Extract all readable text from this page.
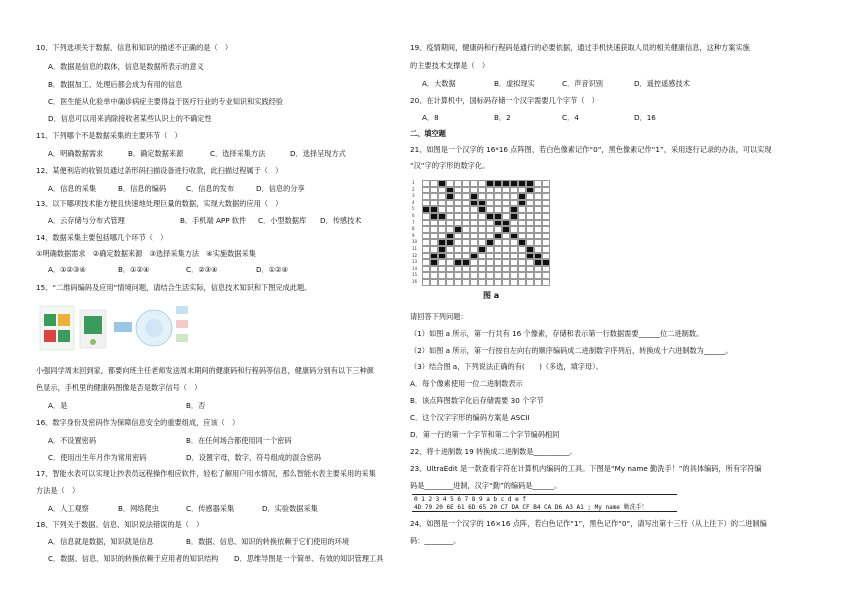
10、下列选项关于数据、信息和知识的描述不正确的是（　）
A．数据是信息的载体，信息是数据所表示的意义
B．数据加工、处理后都会成为有用的信息
C．医生能从化验单中确诊病症主要得益于医疗行业的专业知识和实践经验
D．信息可以用来消除接收者某些认识上的不确定性
11、下列哪个不是数据采集的主要环节（　）
A．明确数据需求	B．确定数据来源	C．选择采集方法	D．选择呈现方式
12、某便利店的收银员通过条形码扫描设备进行收款，此扫描过程属于（　）
A．信息的采集	B．信息的编码	C．信息的发布	D．信息的分享
13、以下哪项技术能方便且快速地处理巨量的数据，实现大数据的应用（　）
A．云存储与分布式管理	B．手机端 APP 软件 C．小型数据库 D．传感技术
14、数据采集主要包括哪几个环节（　）
①明确数据需求　②确定数据来源　③选择采集方法　④实施数据采集
A．①②③④	B．①②④	C．②③④	D．①②④
15、“二维码编码及应用”情境问题，请结合生活实际，信息技术知识和下图完成此题。
小强同学周末回到家，都要向班主任老师发送周末期间的健康码和行程码等信息，健康码分别有以下三种颜
色显示，手机里的健康码图像是否是数字信号（　）
A．是	B．否
16、数字身份及密码作为保障信息安全的重要组成，应该（　）
A．不设置密码	B．在任何场合都使用同一个密码
C．使用出生年月作为常用密码	D．设置字母，数字，符号组成的混合密码
17、智能水表可以实现让抄表员远程操作相应软件，轻松了解用户用水情况，那么智能水表主要采用的采集
方法是（　）
A．人工观察	B．网络爬虫	C．传感器采集	D．实验数据采集
18、下列关于数据、信息、知识说法错误的是（　）
A．信息就是数据，知识就是信息	B．数据、信息、知识的转换依赖于它们使用的环境
C．数据、信息、知识的转换依赖于应用者的知识结构 D．思维导图是一个简单、有效的知识管理工具
19、疫情期间，健康码和行程码是通行的必要依据，通过手机快速获取人员的相关健康信息，这种方案实施
的主要技术支撑是（　）
A．大数据	B．虚拟现实	C．声音识别	D．遥控遥感技术
20、在计算机中，国标码存储一个汉字需要几个字节（　）
A．8	B．2	C．4	D．16
二、填空题
21、如图是一个汉字的 16*16 点阵图，若白色像素记作“0”，黑色像素记作“1”，采用逐行记录的办法，可以实现
“汉”字的字形的数字化。
1
2
3
4
5
6
7
8
9
10
11
12
13
14
15
16
图 a
请回答下列问题：
（1）如图 a 所示，第一行共有 16 个像素，存储和表示第一行数据需要______位二进制数。
（2）如图 a 所示，第一行按自左向右的顺序编码成二进制数字序列后，转换成十六进制数为______。
（3）结合图 a，下列说法正确的有(　　)（多选，填字母）。
A．每个像素使用一位二进制数表示
B．该点阵图数字化后存储需要 30 个字节
C．这个汉字字形的编码方案是 ASCII
D．第一行的第一个字节和第二个字节编码相同
22、将十进制数 19 转换成二进制数是__________。
23、UltraEdit 是一款查看字符在计算机内编码的工具。下图是“My name 勤洗手！”的具体编码，所有字符编
码是________进制，汉字“勤”的编码是______。
0 1 2 3 4 5 6 7 8 9 a b c d e f
4D 79 20 6E 61 6D 65 20 C7 DA CF B4 CA D6 A3 A1 ; My name 勤洗手！
24、如图是一个汉字的 16×16 点阵，若白色记作“1”，黑色记作“0”，请写出第十三行（从上往下）的二进制编
码：________。
